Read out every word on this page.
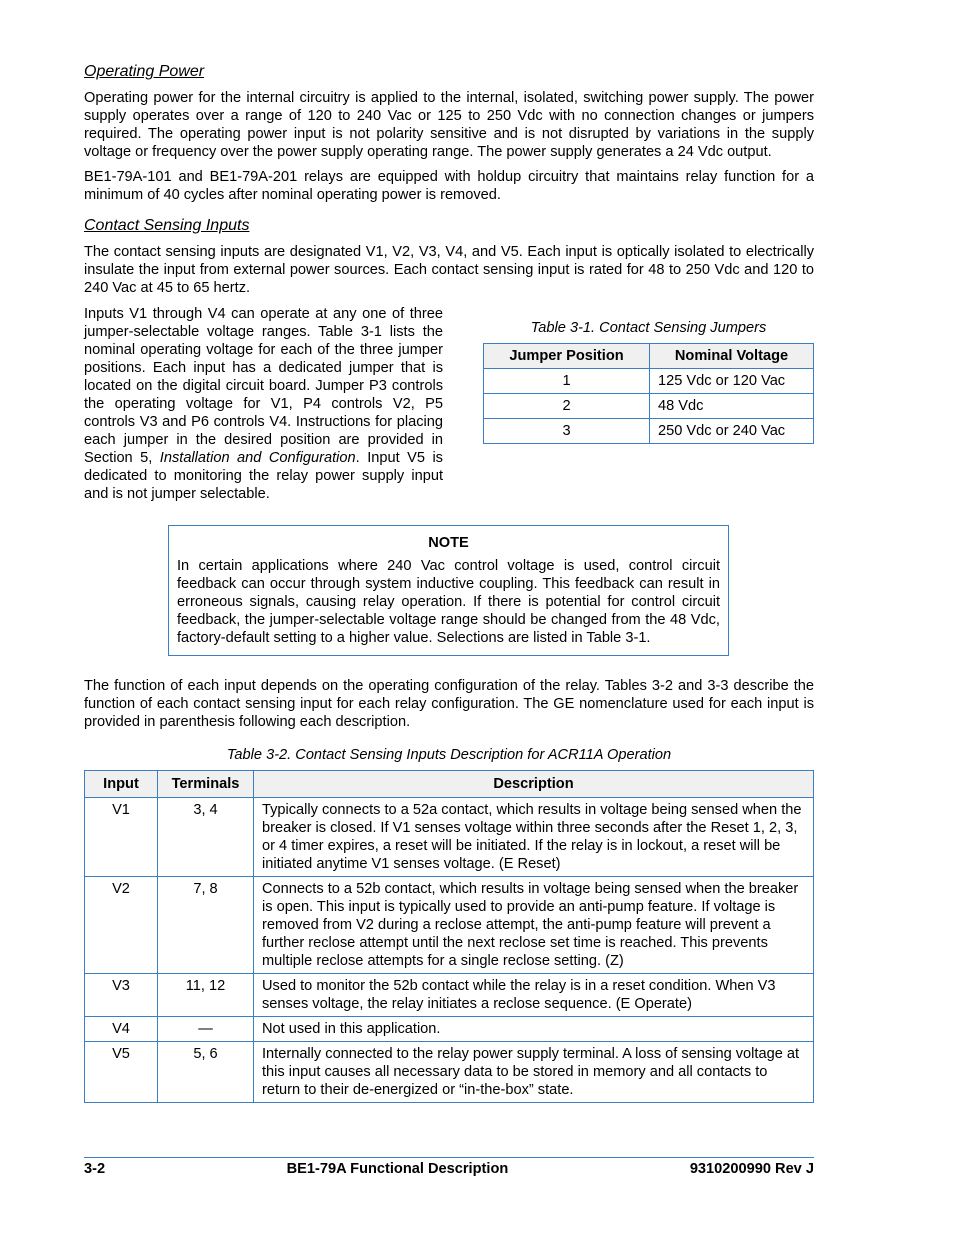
Operating Power

Operating power for the internal circuitry is applied to the internal, isolated, switching power supply. The power supply operates over a range of 120 to 240 Vac or 125 to 250 Vdc with no connection changes or jumpers required. The operating power input is not polarity sensitive and is not disrupted by variations in the supply voltage or frequency over the power supply operating range. The power supply generates a 24 Vdc output.

BE1-79A-101 and BE1-79A-201 relays are equipped with holdup circuitry that maintains relay function for a minimum of 40 cycles after nominal operating power is removed.

Contact Sensing Inputs

The contact sensing inputs are designated V1, V2, V3, V4, and V5. Each input is optically isolated to electrically insulate the input from external power sources. Each contact sensing input is rated for 48 to 250 Vdc and 120 to 240 Vac at 45 to 65 hertz.

Inputs V1 through V4 can operate at any one of three jumper-selectable voltage ranges. Table 3-1 lists the nominal operating voltage for each of the three jumper positions. Each input has a dedicated jumper that is located on the digital circuit board. Jumper P3 controls the operating voltage for V1, P4 controls V2, P5 controls V3 and P6 controls V4. Instructions for placing each jumper in the desired position are provided in Section 5, Installation and Configuration. Input V5 is dedicated to monitoring the relay power supply input and is not jumper selectable.
Table 3-1. Contact Sensing Jumpers
Jumper Position	Nominal Voltage
1	125 Vdc or 120 Vac
2	48 Vdc
3	250 Vdc or 240 Vac
NOTE

In certain applications where 240 Vac control voltage is used, control circuit feedback can occur through system inductive coupling. This feedback can result in erroneous signals, causing relay operation. If there is potential for control circuit feedback, the jumper-selectable voltage range should be changed from the 48 Vdc, factory-default setting to a higher value. Selections are listed in Table 3-1.

The function of each input depends on the operating configuration of the relay. Tables 3-2 and 3-3 describe the function of each contact sensing input for each relay configuration. The GE nomenclature used for each input is provided in parenthesis following each description.

Table 3-2. Contact Sensing Inputs Description for ACR11A Operation
Input	Terminals	Description
V1	3, 4	Typically connects to a 52a contact, which results in voltage being sensed when the breaker is closed. If V1 senses voltage within three seconds after the Reset 1, 2, 3, or 4 timer expires, a reset will be initiated. If the relay is in lockout, a reset will be initiated anytime V1 senses voltage. (E Reset)
V2	7, 8	Connects to a 52b contact, which results in voltage being sensed when the breaker is open. This input is typically used to provide an anti-pump feature. If voltage is removed from V2 during a reclose attempt, the anti-pump feature will prevent a further reclose attempt until the next reclose set time is reached. This prevents multiple reclose attempts for a single reclose setting. (Z)
V3	11, 12	Used to monitor the 52b contact while the relay is in a reset condition. When V3 senses voltage, the relay initiates a reclose sequence. (E Operate)
V4	—	Not used in this application.
V5	5, 6	Internally connected to the relay power supply terminal. A loss of sensing voltage at this input causes all necessary data to be stored in memory and all contacts to return to their de-energized or “in-the-box” state.
3-2	BE1-79A Functional Description	9310200990 Rev J
